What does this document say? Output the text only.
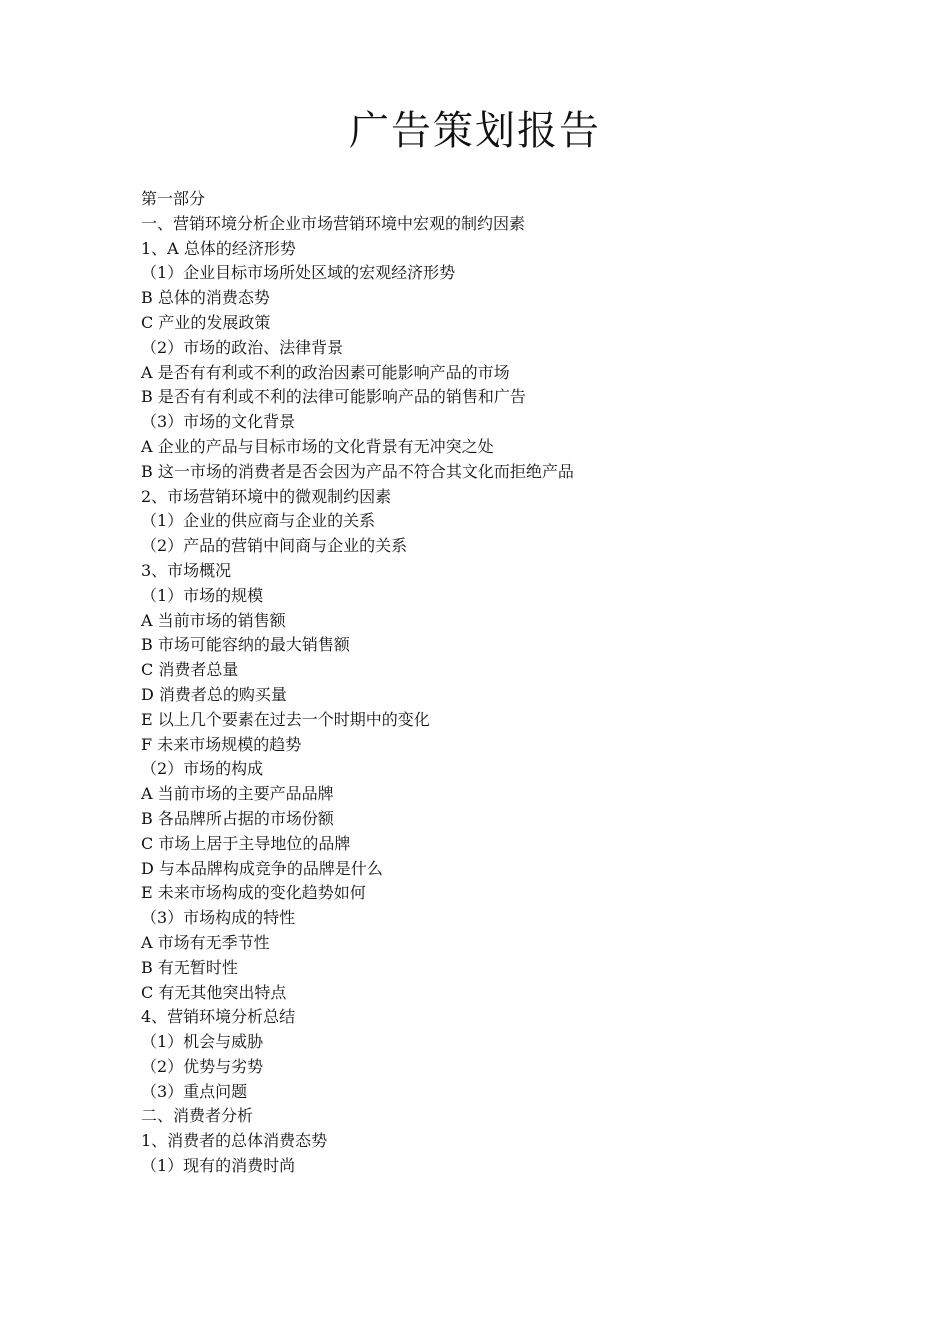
广告策划报告
第一部分
一、营销环境分析企业市场营销环境中宏观的制约因素
1、A 总体的经济形势
（1）企业目标市场所处区域的宏观经济形势
B 总体的消费态势
C 产业的发展政策
（2）市场的政治、法律背景
A 是否有有利或不利的政治因素可能影响产品的市场
B 是否有有利或不利的法律可能影响产品的销售和广告
（3）市场的文化背景
A 企业的产品与目标市场的文化背景有无冲突之处
B 这一市场的消费者是否会因为产品不符合其文化而拒绝产品
2、市场营销环境中的微观制约因素
（1）企业的供应商与企业的关系
（2）产品的营销中间商与企业的关系
3、市场概况
（1）市场的规模
A 当前市场的销售额
B 市场可能容纳的最大销售额
C 消费者总量
D 消费者总的购买量
E 以上几个要素在过去一个时期中的变化
F 未来市场规模的趋势
（2）市场的构成
A 当前市场的主要产品品牌
B 各品牌所占据的市场份额
C 市场上居于主导地位的品牌
D 与本品牌构成竞争的品牌是什么
E 未来市场构成的变化趋势如何
（3）市场构成的特性
A 市场有无季节性
B 有无暂时性
C 有无其他突出特点
4、营销环境分析总结
（1）机会与威胁
（2）优势与劣势
（3）重点问题
二、消费者分析
1、消费者的总体消费态势
（1）现有的消费时尚
